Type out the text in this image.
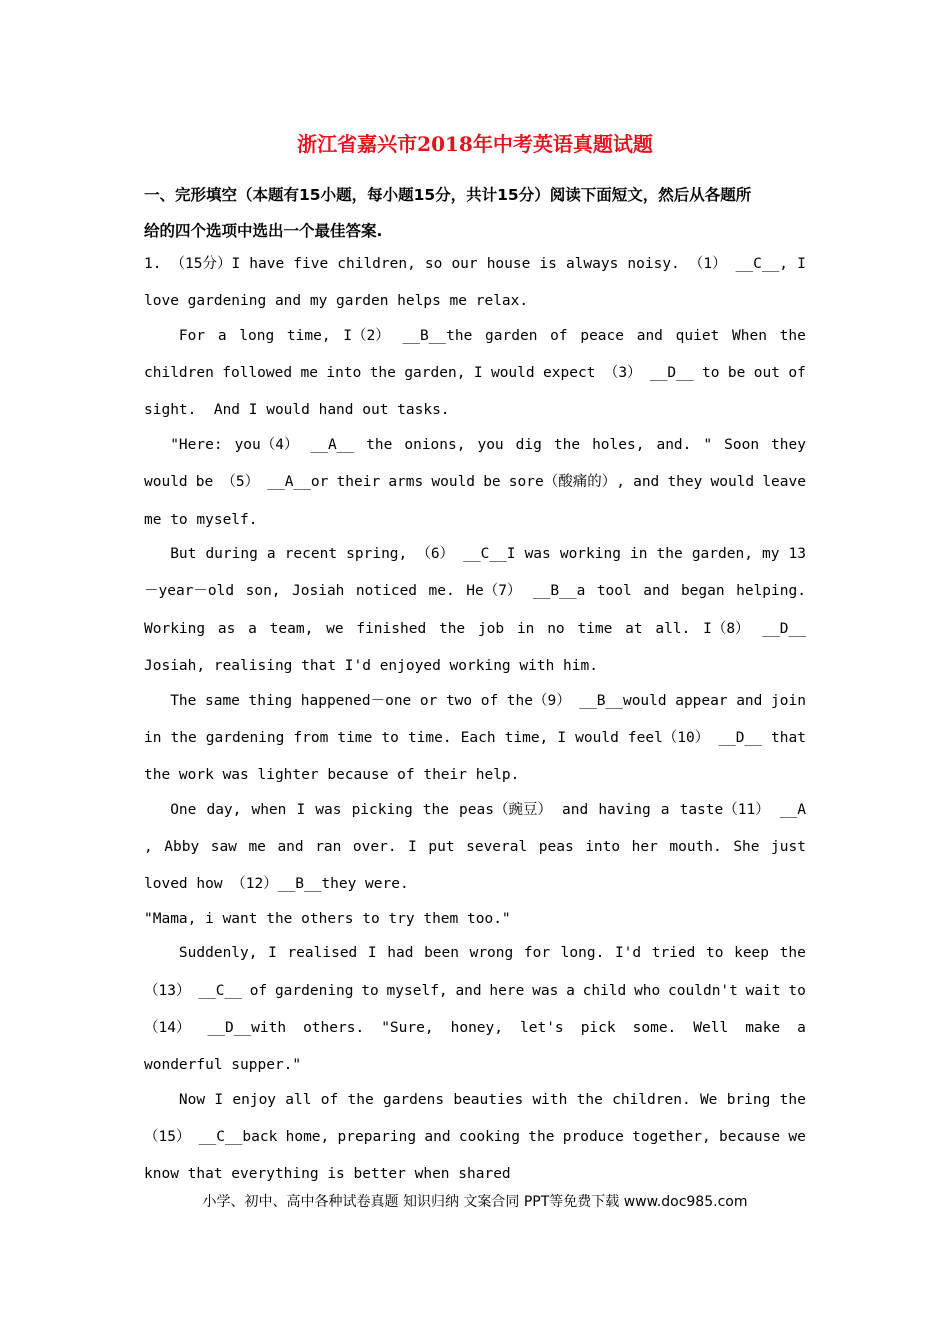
浙江省嘉兴市2018年中考英语真题试题
一、完形填空（本题有15小题，每小题15分，共计15分）阅读下面短文，然后从各题所
给的四个选项中选出一个最佳答案.
1. （15分）I have five children, so our house is always noisy. （1） __C__, I
love gardening and my garden helps me relax.
For a long time, I（2） __B__the garden of peace and quiet When the
children followed me into the garden, I would expect （3） __D__ to be out of
sight.  And I would hand out tasks.
"Here: you（4） __A__ the onions, you dig the holes, and. " Soon they
would be （5） __A__or their arms would be sore（酸痛的）, and they would leave
me to myself.
But during a recent spring, （6） __C__I was working in the garden, my 13
－year－old son, Josiah noticed me. He（7） __B__a tool and began helping.
Working as a team, we finished the job in no time at all. I（8） __D__
Josiah, realising that I'd enjoyed working with him.
The same thing happened－one or two of the（9） __B__would appear and join
in the gardening from time to time. Each time, I would feel（10） __D__ that
the work was lighter because of their help.
One day, when I was picking the peas（豌豆） and having a taste（11） __A
, Abby saw me and ran over. I put several peas into her mouth. She just
loved how （12）__B__they were.
"Mama, i want the others to try them too."
Suddenly, I realised I had been wrong for long. I'd tried to keep the
（13） __C__ of gardening to myself, and here was a child who couldn't wait to
（14） __D__with others. "Sure, honey, let's pick some. Well make a
wonderful supper."
Now I enjoy all of the gardens beauties with the children. We bring the
（15） __C__back home, preparing and cooking the produce together, because we
know that everything is better when shared
小学、初中、高中各种试卷真题 知识归纳 文案合同 PPT等免费下载 www.doc985.com
